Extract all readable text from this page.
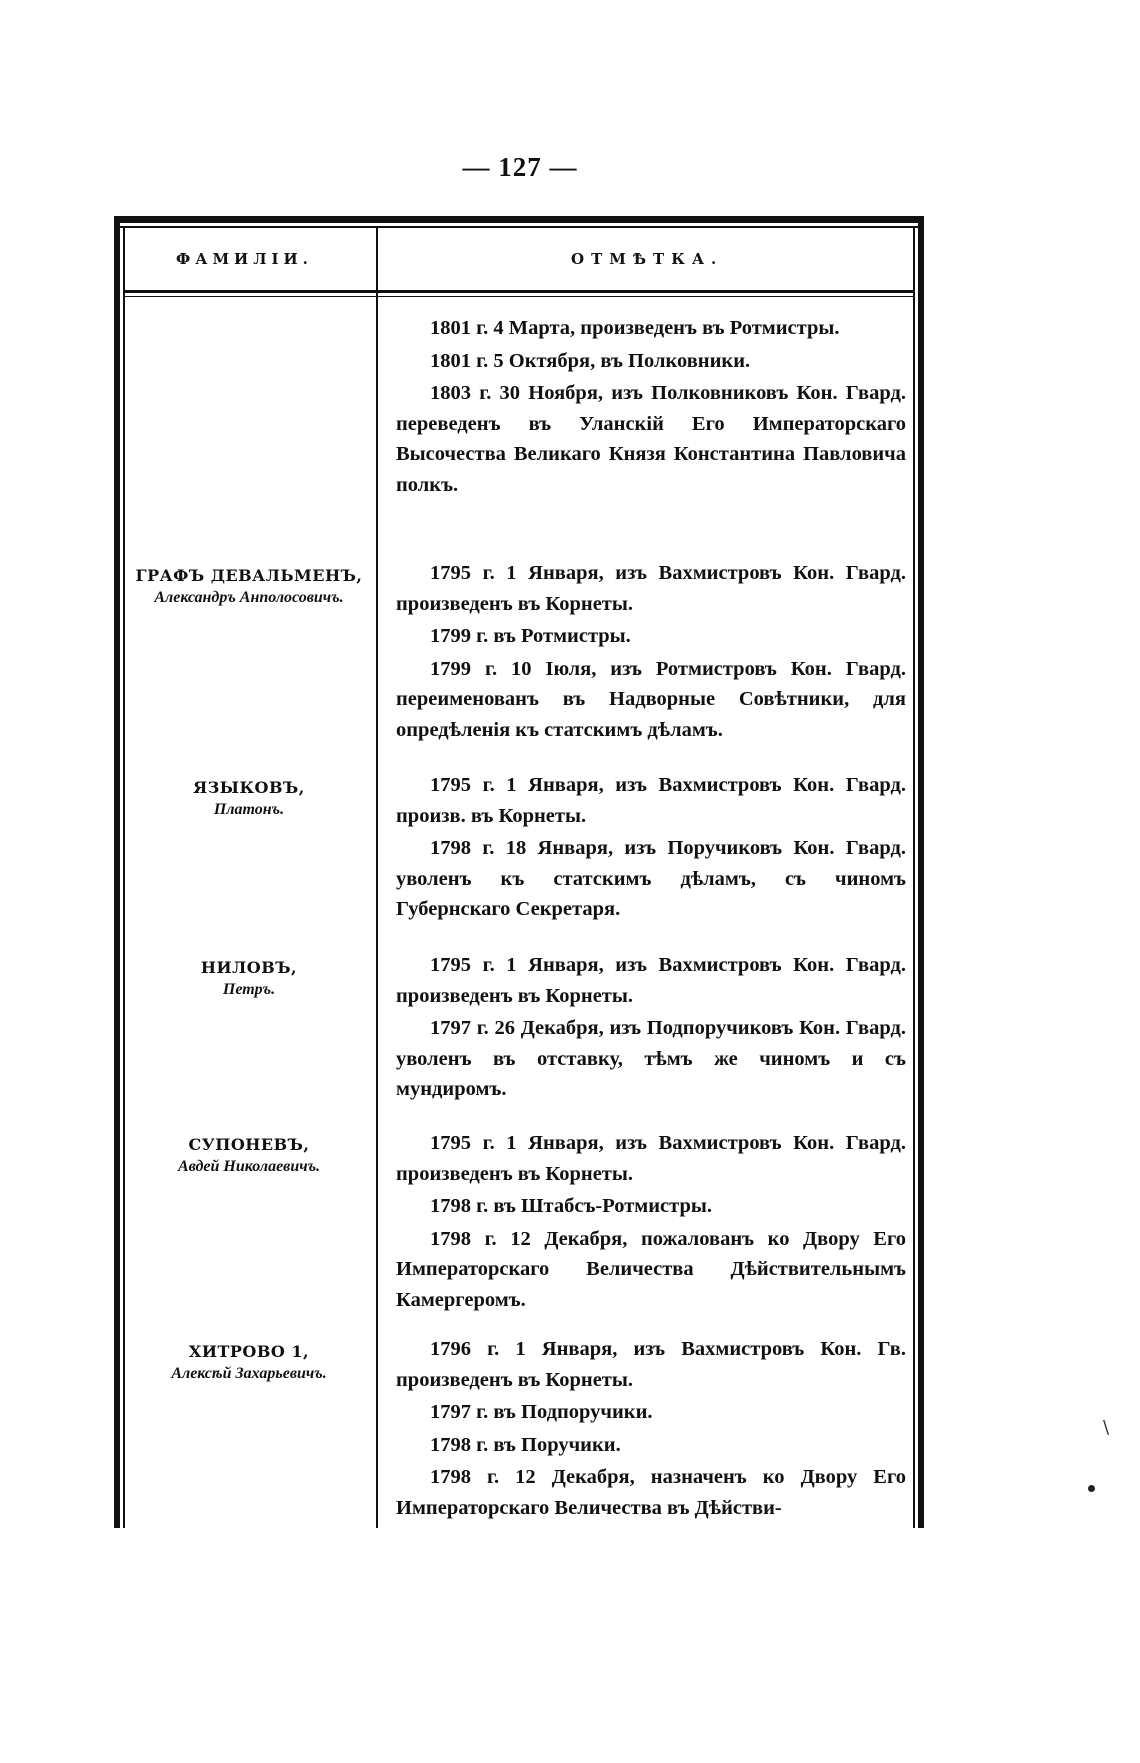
— 127 —
ФАМИЛІИ.	ОТМѢТКА.

1801 г. 4 Марта, произведенъ въ Ротмистры.

1801 г. 5 Октября, въ Полковники.

1803 г. 30 Ноября, изъ Полковниковъ Кон. Гвард. переведенъ въ Уланскій Его Императорскаго Высочества Великаго Князя Константина Павловича полкъ.

ГРАФЪ ДЕВАЛЬМЕНЪ,
Александръ Анполосовичъ.

1795 г. 1 Января, изъ Вахмистровъ Кон. Гвард. произведенъ въ Корнеты.

1799 г. въ Ротмистры.

1799 г. 10 Іюля, изъ Ротмистровъ Кон. Гвард. переименованъ въ Надворные Совѣтники, для опредѣленія къ статскимъ дѣламъ.

ЯЗЫКОВЪ,
Платонъ.

1795 г. 1 Января, изъ Вахмистровъ Кон. Гвард. произв. въ Корнеты.

1798 г. 18 Января, изъ Поручиковъ Кон. Гвард. уволенъ къ статскимъ дѣламъ, съ чиномъ Губернскаго Секретаря.

НИЛОВЪ,
Петръ.

1795 г. 1 Января, изъ Вахмистровъ Кон. Гвард. произведенъ въ Корнеты.

1797 г. 26 Декабря, изъ Подпоручиковъ Кон. Гвард. уволенъ въ отставку, тѣмъ же чиномъ и съ мундиромъ.

СУПОНЕВЪ,
Авдей Николаевичъ.

1795 г. 1 Января, изъ Вахмистровъ Кон. Гвард. произведенъ въ Корнеты.

1798 г. въ Штабсъ-Ротмистры.

1798 г. 12 Декабря, пожалованъ ко Двору Его Императорскаго Величества Дѣйствительнымъ Камергеромъ.

ХИТРОВО 1,
Алексѣй Захарьевичъ.

1796 г. 1 Января, изъ Вахмистровъ Кон. Гв. произведенъ въ Корнеты.

1797 г. въ Подпоручики.

1798 г. въ Поручики.

1798 г. 12 Декабря, назначенъ ко Двору Его Императорскаго Величества въ Дѣйстви-

\
